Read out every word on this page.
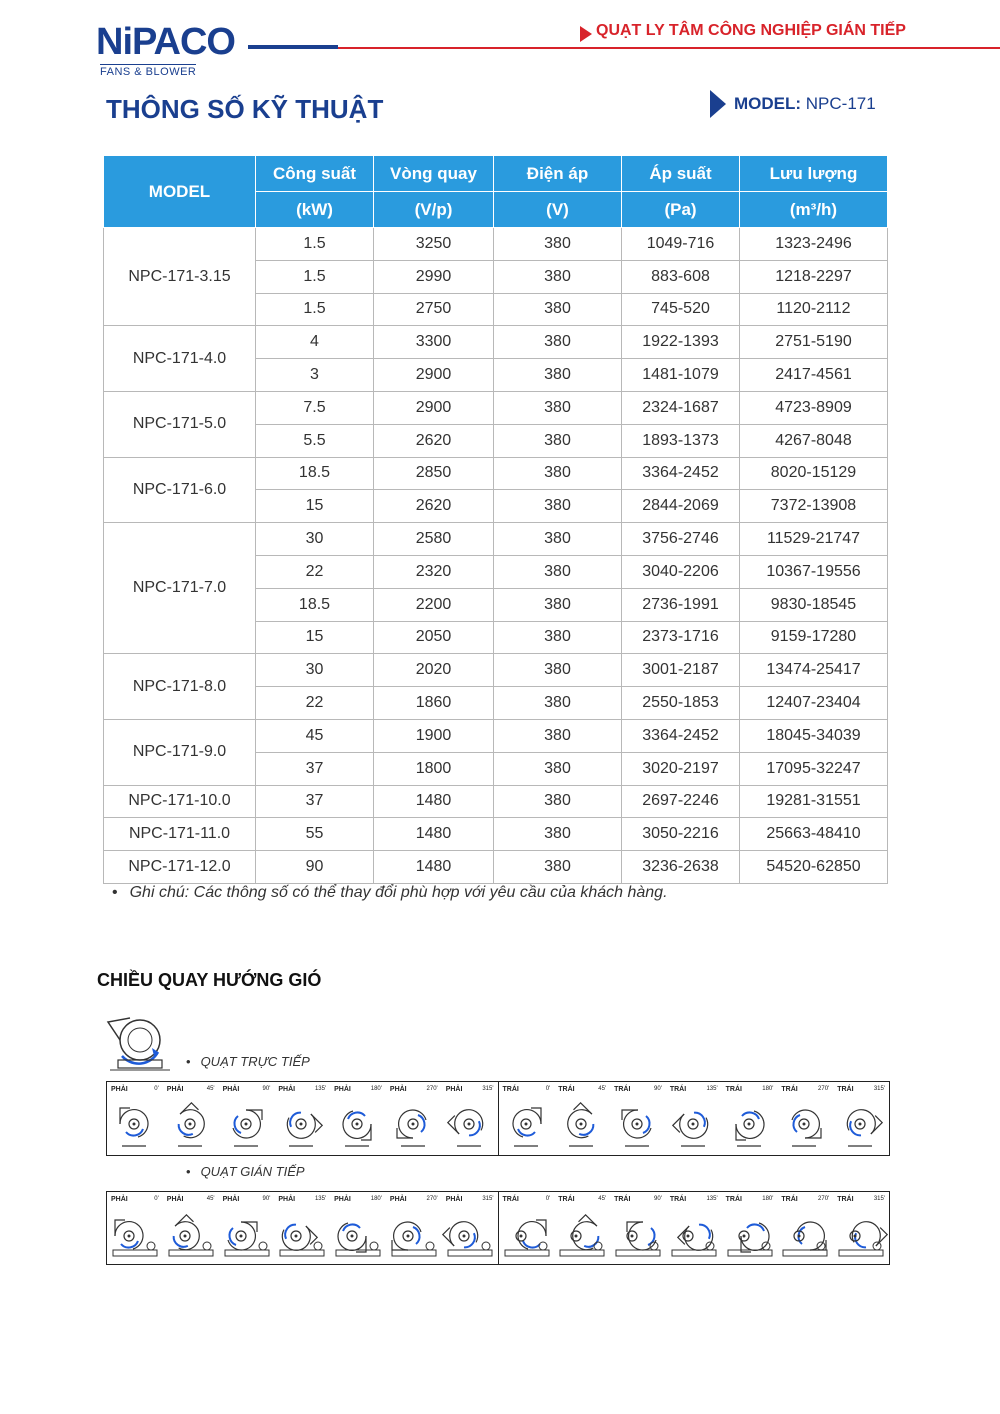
NiPACO
FANS & BLOWER
QUẠT LY TÂM CÔNG NGHIỆP GIÁN TIẾP
THÔNG SỐ KỸ THUẬT	MODEL: NPC-171
MODEL	Công suất	Vòng quay	Điện áp	Áp suất	Lưu lượng
	(kW)	(V/p)	(V)	(Pa)	(m³/h)
NPC-171-3.15	1.5	3250	380	1049-716	1323-2496
	1.5	2990	380	883-608	1218-2297
	1.5	2750	380	745-520	1120-2112
NPC-171-4.0	4	3300	380	1922-1393	2751-5190
	3	2900	380	1481-1079	2417-4561
NPC-171-5.0	7.5	2900	380	2324-1687	4723-8909
	5.5	2620	380	1893-1373	4267-8048
NPC-171-6.0	18.5	2850	380	3364-2452	8020-15129
	15	2620	380	2844-2069	7372-13908
NPC-171-7.0	30	2580	380	3756-2746	11529-21747
	22	2320	380	3040-2206	10367-19556
	18.5	2200	380	2736-1991	9830-18545
	15	2050	380	2373-1716	9159-17280
NPC-171-8.0	30	2020	380	3001-2187	13474-25417
	22	1860	380	2550-1853	12407-23404
NPC-171-9.0	45	1900	380	3364-2452	18045-34039
	37	1800	380	3020-2197	17095-32247
NPC-171-10.0	37	1480	380	2697-2246	19281-31551
NPC-171-11.0	55	1480	380	3050-2216	25663-48410
NPC-171-12.0	90	1480	380	3236-2638	54520-62850
• Ghi chú: Các thông số có thể thay đổi phù hợp với yêu cầu của khách hàng.
CHIỀU QUAY HƯỚNG GIÓ
• QUẠT TRỰC TIẾP
PHẢI	0' PHẢI	45' PHẢI	90' PHẢI	135' PHẢI	180' PHẢI	270' PHẢI	315' TRÁI	0' TRÁI	45' TRÁI	90' TRÁI	135' TRÁI	180' TRÁI	270' TRÁI	315'
• QUẠT GIÁN TIẾP
PHẢI	0' PHẢI	45' PHẢI	90' PHẢI	135' PHẢI	180' PHẢI	270' PHẢI	315' TRÁI	0' TRÁI	45' TRÁI	90' TRÁI	135' TRÁI	180' TRÁI	270' TRÁI	315'
